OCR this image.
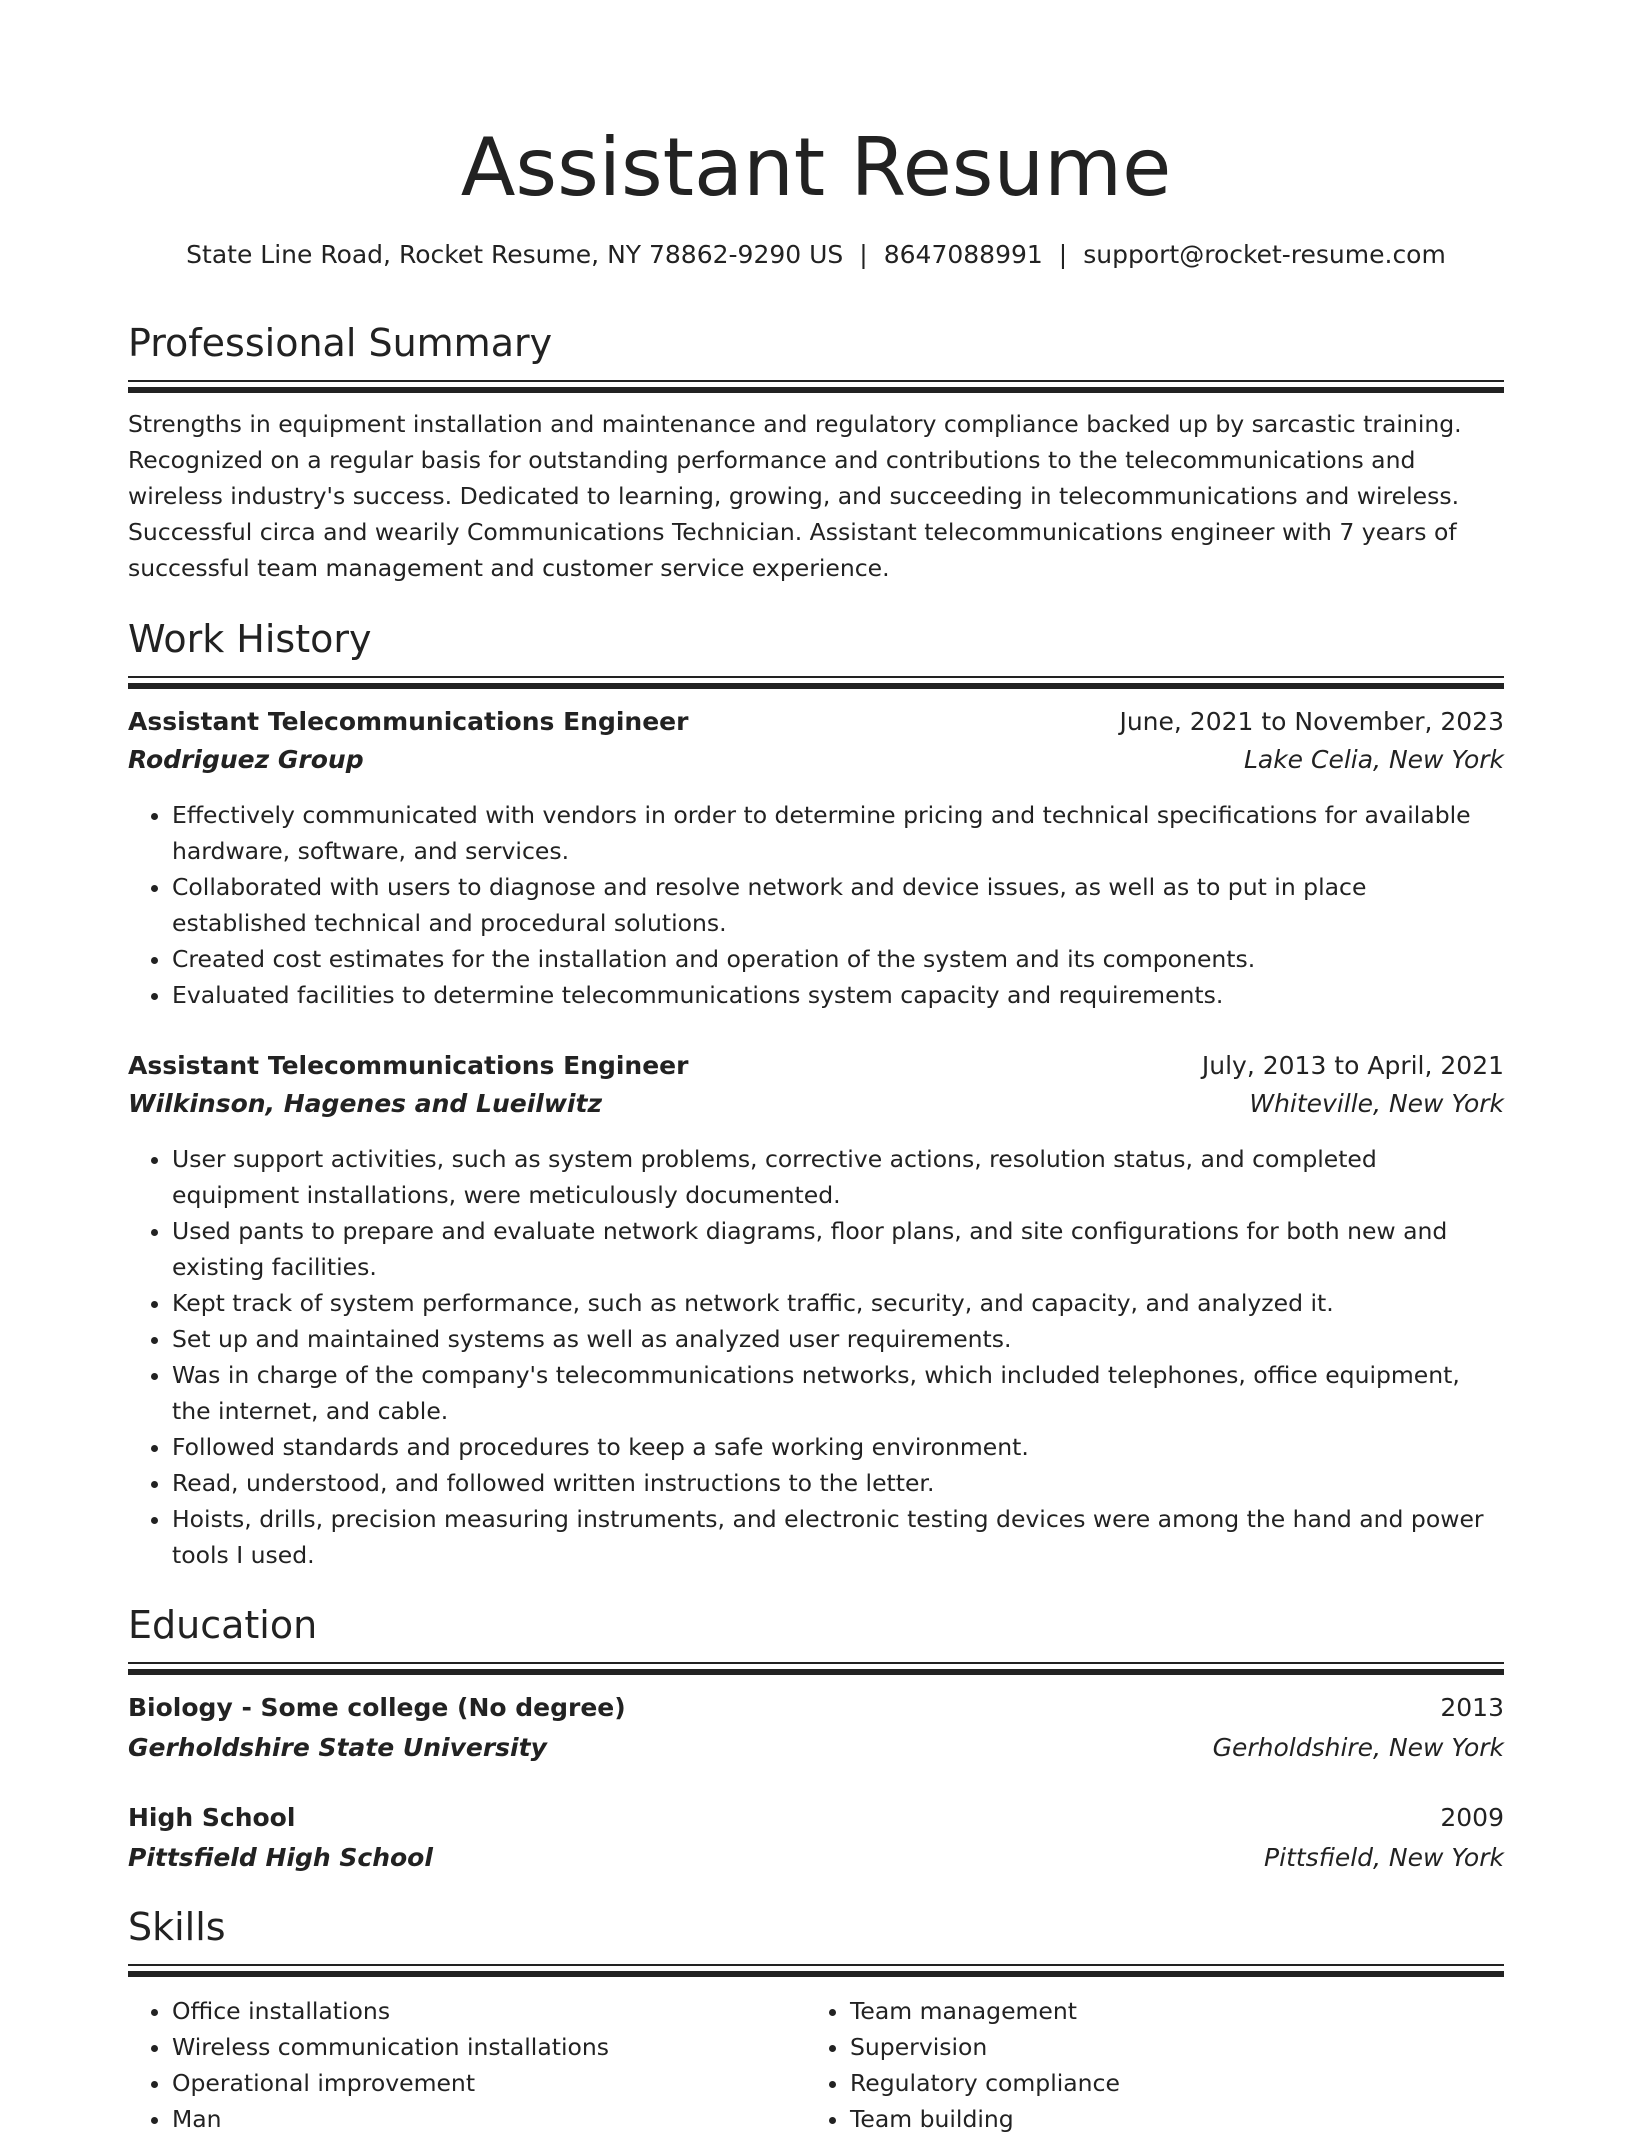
Assistant Resume
State Line Road, Rocket Resume, NY 78862-9290 US | 8647088991 | support@rocket-resume.com
Professional Summary

Strengths in equipment installation and maintenance and regulatory compliance backed up by sarcastic training. Recognized on a regular basis for outstanding performance and contributions to the telecommunications and wireless industry's success. Dedicated to learning, growing, and succeeding in telecommunications and wireless. Successful circa and wearily Communications Technician. Assistant telecommunications engineer with 7 years of successful team management and customer service experience.

Work History
Assistant Telecommunications Engineer	June, 2021 to November, 2023
Rodriguez Group	Lake Celia, New York
• Effectively communicated with vendors in order to determine pricing and technical specifications for available hardware, software, and services.
• Collaborated with users to diagnose and resolve network and device issues, as well as to put in place established technical and procedural solutions.
• Created cost estimates for the installation and operation of the system and its components.
• Evaluated facilities to determine telecommunications system capacity and requirements.
Assistant Telecommunications Engineer	July, 2013 to April, 2021
Wilkinson, Hagenes and Lueilwitz	Whiteville, New York
• User support activities, such as system problems, corrective actions, resolution status, and completed equipment installations, were meticulously documented.
• Used pants to prepare and evaluate network diagrams, floor plans, and site configurations for both new and existing facilities.
• Kept track of system performance, such as network traffic, security, and capacity, and analyzed it.
• Set up and maintained systems as well as analyzed user requirements.
• Was in charge of the company's telecommunications networks, which included telephones, office equipment, the internet, and cable.
• Followed standards and procedures to keep a safe working environment.
• Read, understood, and followed written instructions to the letter.
• Hoists, drills, precision measuring instruments, and electronic testing devices were among the hand and power tools I used.
Education
Biology - Some college (No degree)	2013
Gerholdshire State University	Gerholdshire, New York
High School	2009
Pittsfield High School	Pittsfield, New York
Skills
• Office installations
• Wireless communication installations
• Operational improvement
• Man
• Team management
• Supervision
• Regulatory compliance
• Team building
